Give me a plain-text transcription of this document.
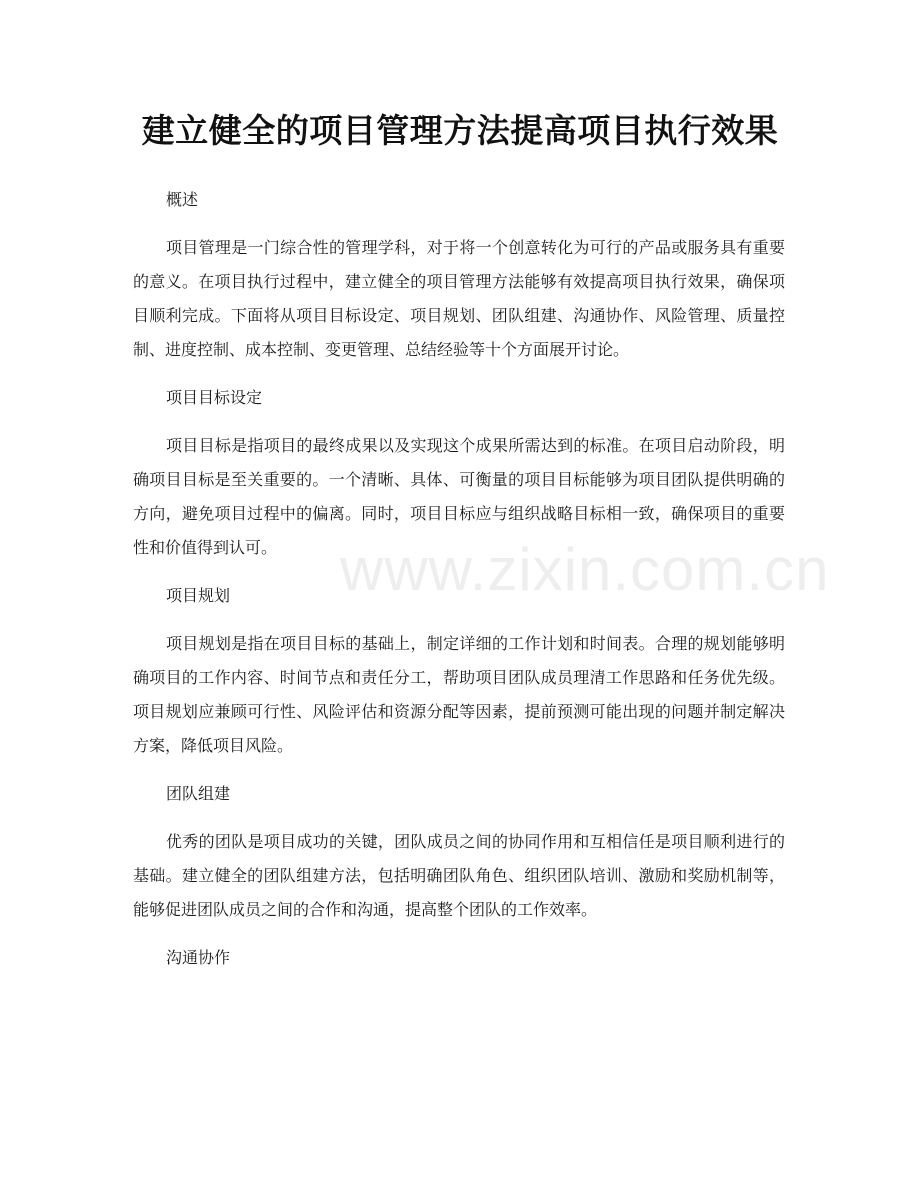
建立健全的项目管理方法提高项目执行效果
www.zixin.com.cn

概述

项目管理是一门综合性的管理学科，对于将一个创意转化为可行的产品或服务具有重要的意义。在项目执行过程中，建立健全的项目管理方法能够有效提高项目执行效果，确保项目顺利完成。下面将从项目目标设定、项目规划、团队组建、沟通协作、风险管理、质量控制、进度控制、成本控制、变更管理、总结经验等十个方面展开讨论。

项目目标设定

项目目标是指项目的最终成果以及实现这个成果所需达到的标准。在项目启动阶段，明确项目目标是至关重要的。一个清晰、具体、可衡量的项目目标能够为项目团队提供明确的方向，避免项目过程中的偏离。同时，项目目标应与组织战略目标相一致，确保项目的重要性和价值得到认可。

项目规划

项目规划是指在项目目标的基础上，制定详细的工作计划和时间表。合理的规划能够明确项目的工作内容、时间节点和责任分工，帮助项目团队成员理清工作思路和任务优先级。项目规划应兼顾可行性、风险评估和资源分配等因素，提前预测可能出现的问题并制定解决方案，降低项目风险。

团队组建

优秀的团队是项目成功的关键，团队成员之间的协同作用和互相信任是项目顺利进行的基础。建立健全的团队组建方法，包括明确团队角色、组织团队培训、激励和奖励机制等，能够促进团队成员之间的合作和沟通，提高整个团队的工作效率。

沟通协作
